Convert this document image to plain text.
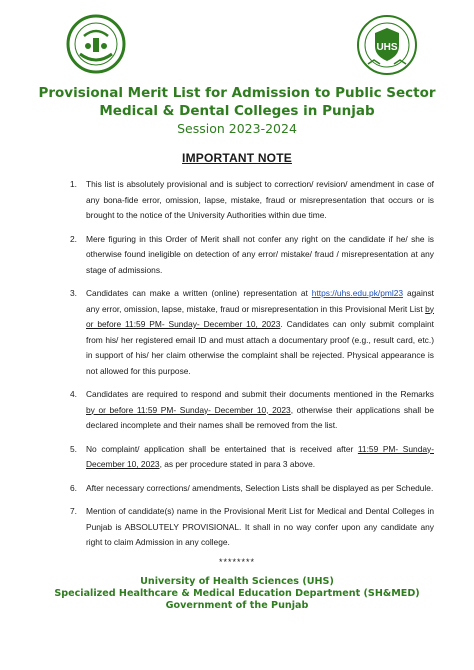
UHS
Provisional Merit List for Admission to Public Sector
Medical & Dental Colleges in Punjab
Session 2023-2024
IMPORTANT NOTE
1. This list is absolutely provisional and is subject to correction/ revision/ amendment in case of any bona-fide error, omission, lapse, mistake, fraud or misrepresentation that occurs or is brought to the notice of the University Authorities within due time.
2. Mere figuring in this Order of Merit shall not confer any right on the candidate if he/ she is otherwise found ineligible on detection of any error/ mistake/ fraud / misrepresentation at any stage of admissions.
3. Candidates can make a written (online) representation at https://uhs.edu.pk/pml23 against any error, omission, lapse, mistake, fraud or misrepresentation in this Provisional Merit List by or before 11:59 PM- Sunday- December 10, 2023. Candidates can only submit complaint from his/ her registered email ID and must attach a documentary proof (e.g., result card, etc.) in support of his/ her claim otherwise the complaint shall be rejected. Physical appearance is not allowed for this purpose.
4. Candidates are required to respond and submit their documents mentioned in the Remarks by or before 11:59 PM- Sunday- December 10, 2023, otherwise their applications shall be declared incomplete and their names shall be removed from the list.
5. No complaint/ application shall be entertained that is received after 11:59 PM- Sunday- December 10, 2023, as per procedure stated in para 3 above.
6. After necessary corrections/ amendments, Selection Lists shall be displayed as per Schedule.
7. Mention of candidate(s) name in the Provisional Merit List for Medical and Dental Colleges in Punjab is ABSOLUTELY PROVISIONAL. It shall in no way confer upon any candidate any right to claim Admission in any college.
********
University of Health Sciences (UHS)
Specialized Healthcare & Medical Education Department (SH&MED)
Government of the Punjab
